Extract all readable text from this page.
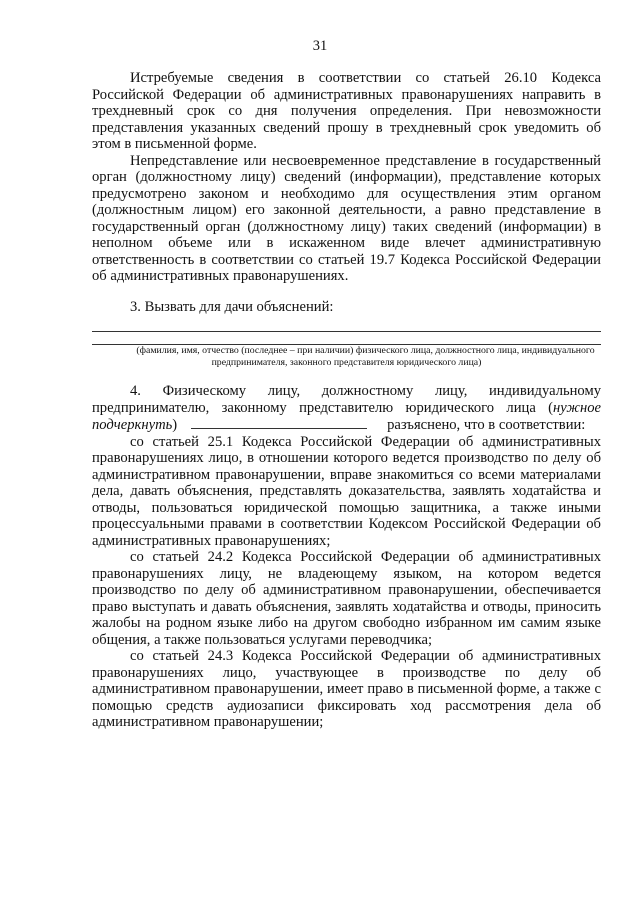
31

Истребуемые сведения в соответствии со статьей 26.10 Кодекса Российской Федерации об административных правонарушениях направить в трехдневный срок со дня получения определения. При невозможности представления указанных сведений прошу в трехдневный срок уведомить об этом в письменной форме.

Непредставление или несвоевременное представление в государственный орган (должностному лицу) сведений (информации), представление которых предусмотрено законом и необходимо для осуществления этим органом (должностным лицом) его законной деятельности, а равно представление в государственный орган (должностному лицу) таких сведений (информации) в неполном объеме или в искаженном виде влечет административную ответственность в соответствии со статьей 19.7 Кодекса Российской Федерации об административных правонарушениях.

3. Вызвать для дачи объяснений:

(фамилия, имя, отчество (последнее – при наличии) физического лица, должностного лица, индивидуального предпринимателя, законного представителя юридического лица)

4. Физическому лицу, должностному лицу, индивидуальному предпринимателю, законному представителю юридического лица (нужное подчеркнуть)	разъяснено, что в соответствии:

со статьей 25.1 Кодекса Российской Федерации об административных правонарушениях лицо, в отношении которого ведется производство по делу об административном правонарушении, вправе знакомиться со всеми материалами дела, давать объяснения, представлять доказательства, заявлять ходатайства и отводы, пользоваться юридической помощью защитника, а также иными процессуальными правами в соответствии Кодексом Российской Федерации об административных правонарушениях;

со статьей 24.2 Кодекса Российской Федерации об административных правонарушениях лицу, не владеющему языком, на котором ведется производство по делу об административном правонарушении, обеспечивается право выступать и давать объяснения, заявлять ходатайства и отводы, приносить жалобы на родном языке либо на другом свободно избранном им самим языке общения, а также пользоваться услугами переводчика;

со статьей 24.3 Кодекса Российской Федерации об административных правонарушениях лицо, участвующее в производстве по делу об административном правонарушении, имеет право в письменной форме, а также с помощью средств аудиозаписи фиксировать ход рассмотрения дела об административном правонарушении;
